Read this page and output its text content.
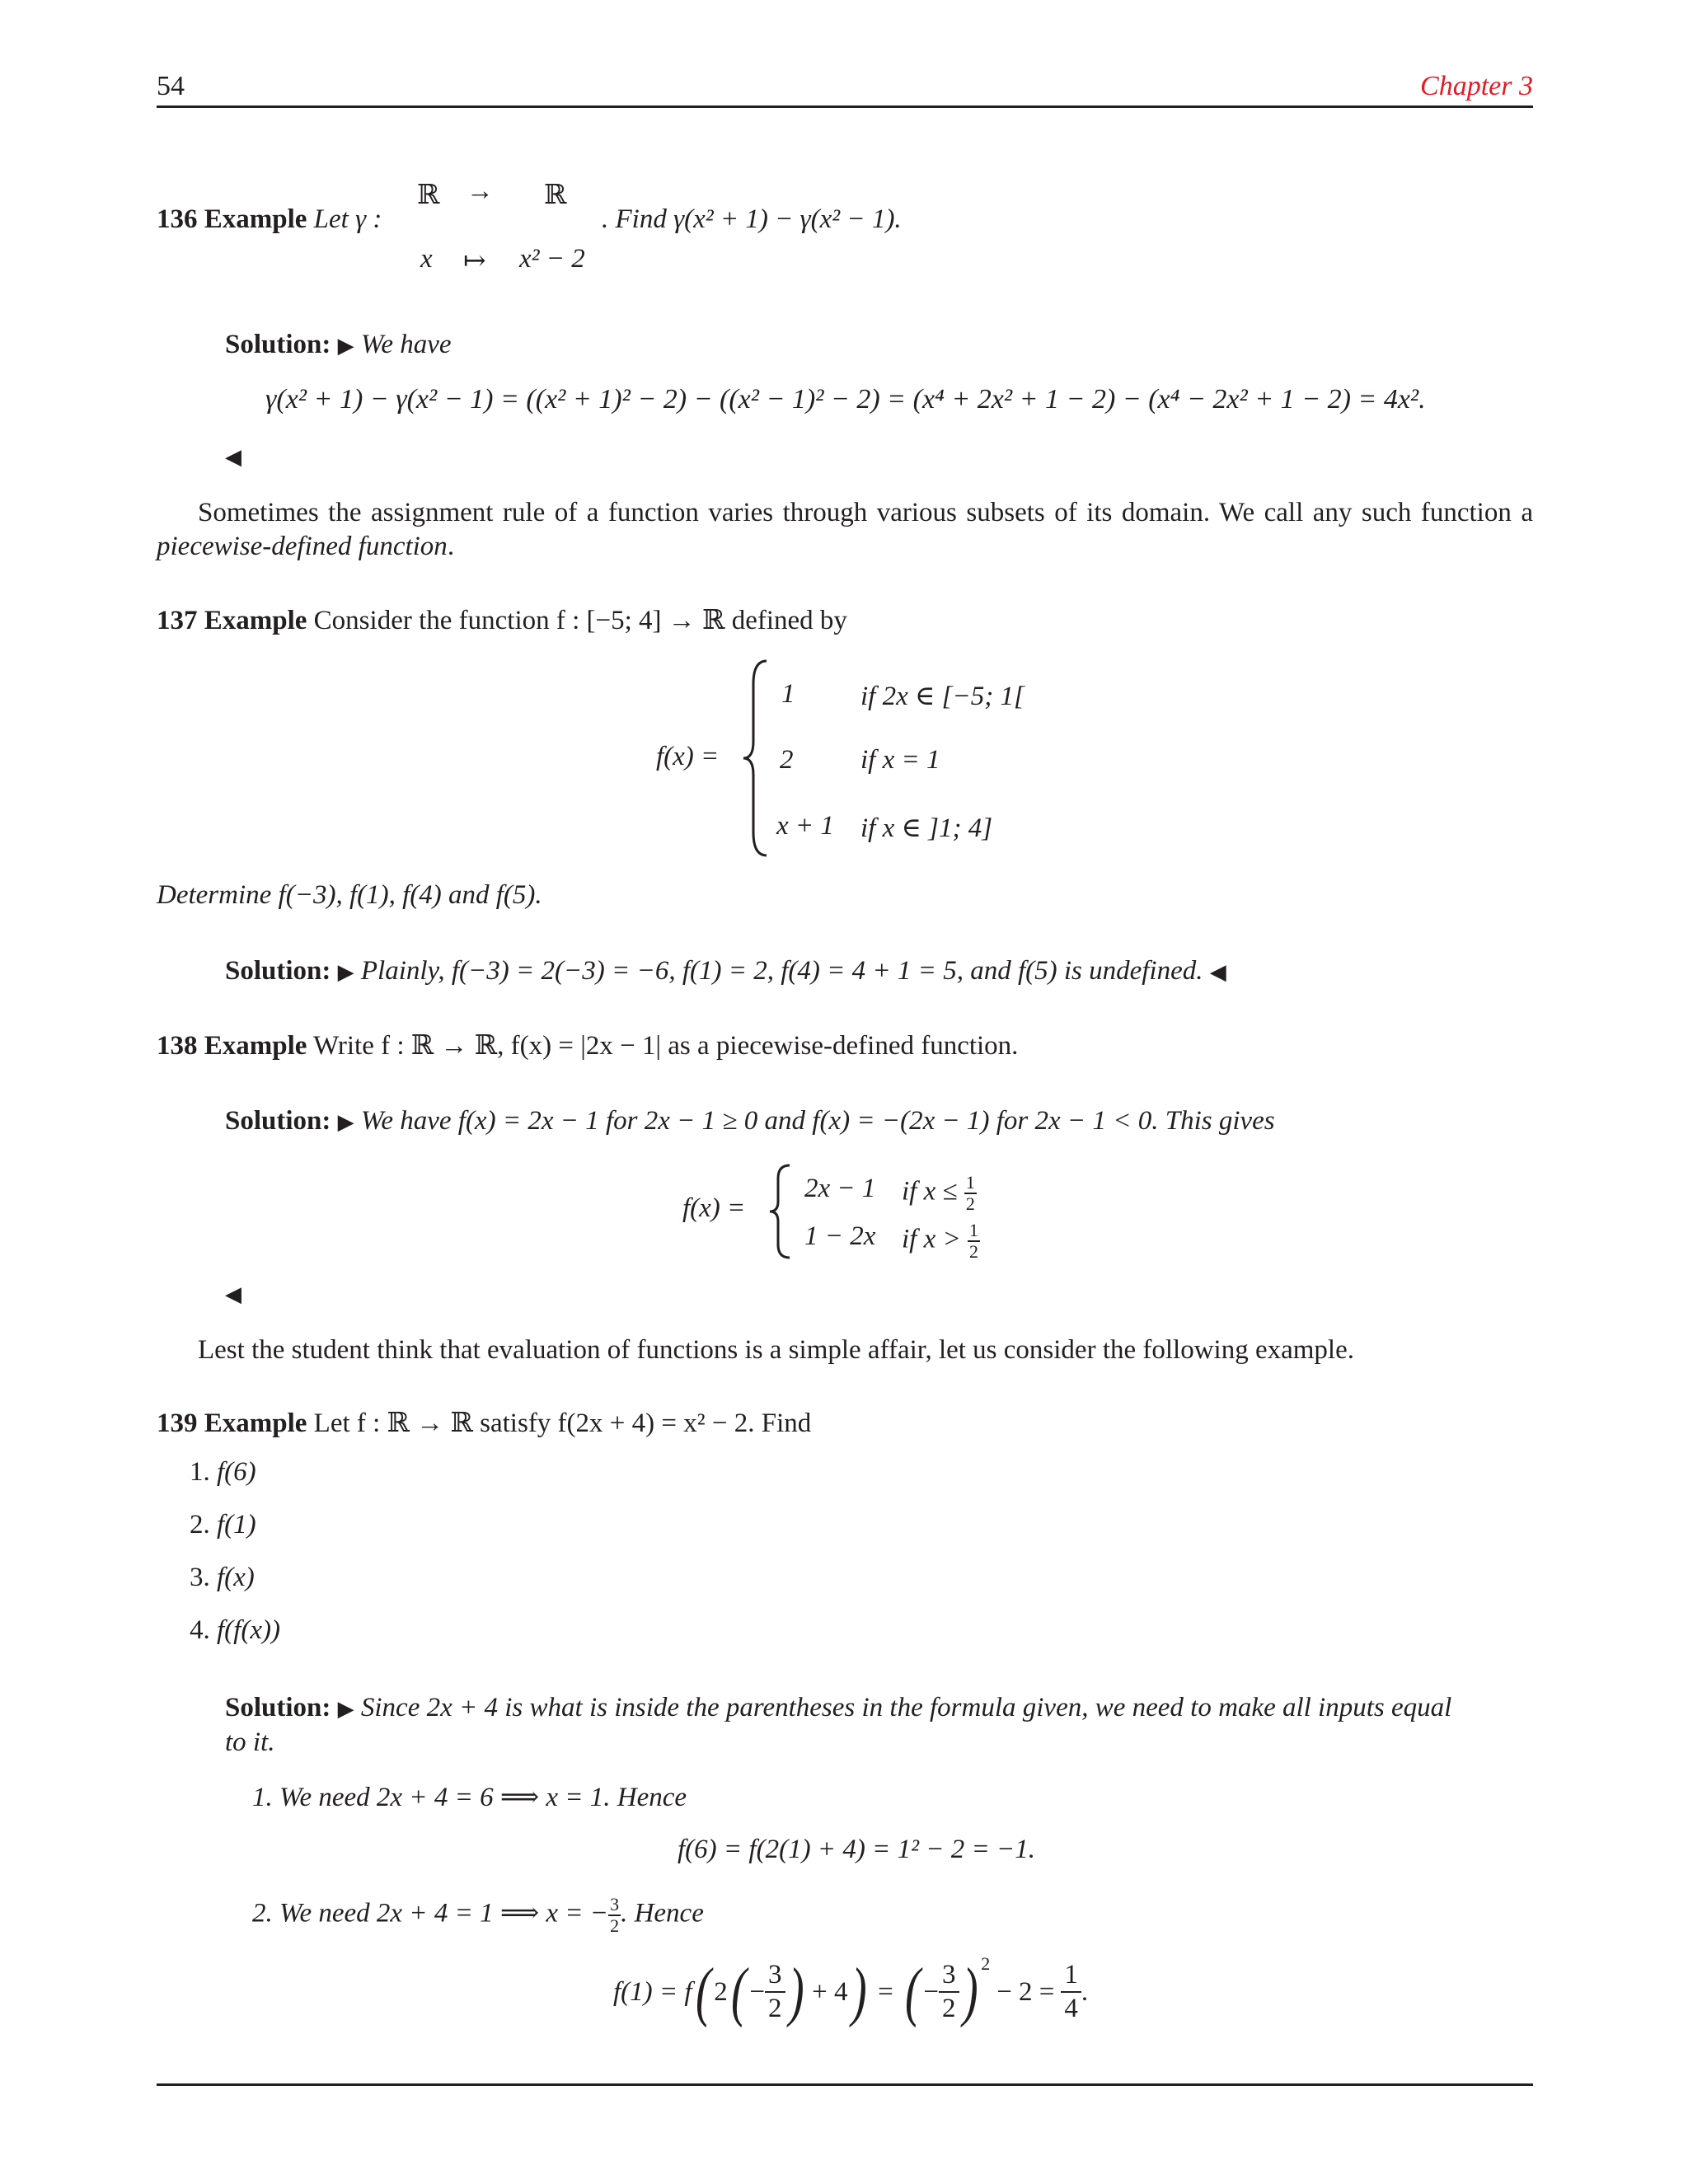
54	Chapter 3
136 Example Let γ :
ℝ → ℝ
x ↦ x² − 2
. Find γ(x² + 1) − γ(x² − 1).
Solution: ▶ We have
γ(x² + 1) − γ(x² − 1) = ((x² + 1)² − 2) − ((x² − 1)² − 2) = (x⁴ + 2x² + 1 − 2) − (x⁴ − 2x² + 1 − 2) = 4x².
◀
Sometimes the assignment rule of a function varies through various subsets of its domain. We call any such function a
piecewise-defined function.
137 Example Consider the function f : [−5; 4] → ℝ defined by
f(x) =
1 if 2x ∈ [−5; 1[
2 if x = 1
x + 1 if x ∈ ]1; 4]
Determine f(−3), f(1), f(4) and f(5).
Solution: ▶ Plainly, f(−3) = 2(−3) = −6, f(1) = 2, f(4) = 4 + 1 = 5, and f(5) is undefined. ◀
138 Example Write f : ℝ → ℝ, f(x) = |2x − 1| as a piecewise-defined function.
Solution: ▶ We have f(x) = 2x − 1 for 2x − 1 ≥ 0 and f(x) = −(2x − 1) for 2x − 1 < 0. This gives
f(x) =
2x − 1 if $x \le \frac{1}{2}$
1 − 2x if $x > \frac{1}{2}$
◀
Lest the student think that evaluation of functions is a simple affair, let us consider the following example.
139 Example Let f : ℝ → ℝ satisfy f(2x + 4) = x² − 2. Find
1. f(6)
2. f(1)
3. f(x)
4. f(f(x))
Solution: ▶ Since 2x + 4 is what is inside the parentheses in the formula given, we need to make all inputs equal
to it.
1. We need 2x + 4 = 6 ⟹ x = 1. Hence
f(6) = f(2(1) + 4) = 1² − 2 = −1.
2. We need 2x + 4 = 1 ⟹ x = − $\frac{3}{2}$ . Hence
f(1) = f ( 2 ( − $\frac{3}{2}$ ) + 4 ) = ( − $\frac{3}{2}$ ) 2
− $2 = \frac{1}{4}$ .
